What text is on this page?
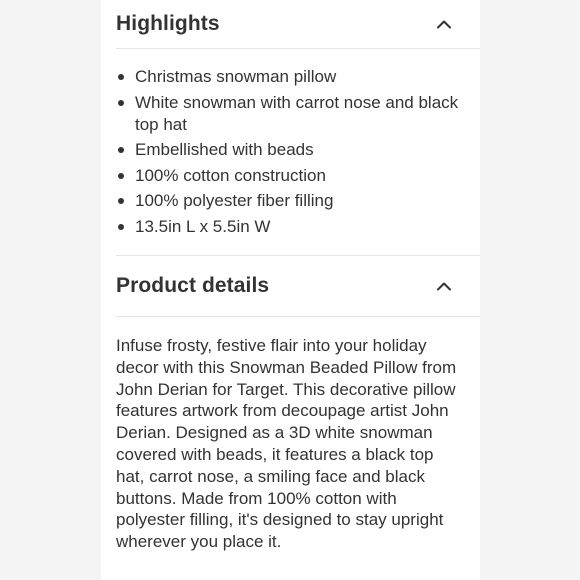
Highlights
Christmas snowman pillow
White snowman with carrot nose and black top hat
Embellished with beads
100% cotton construction
100% polyester fiber filling
13.5in L x 5.5in W
Product details

Infuse frosty, festive flair into your holiday decor with this Snowman Beaded Pillow from John Derian for Target. This decorative pillow features artwork from decoupage artist John Derian. Designed as a 3D white snowman covered with beads, it features a black top hat, carrot nose, a smiling face and black buttons. Made from 100% cotton with polyester filling, it's designed to stay upright wherever you place it.
